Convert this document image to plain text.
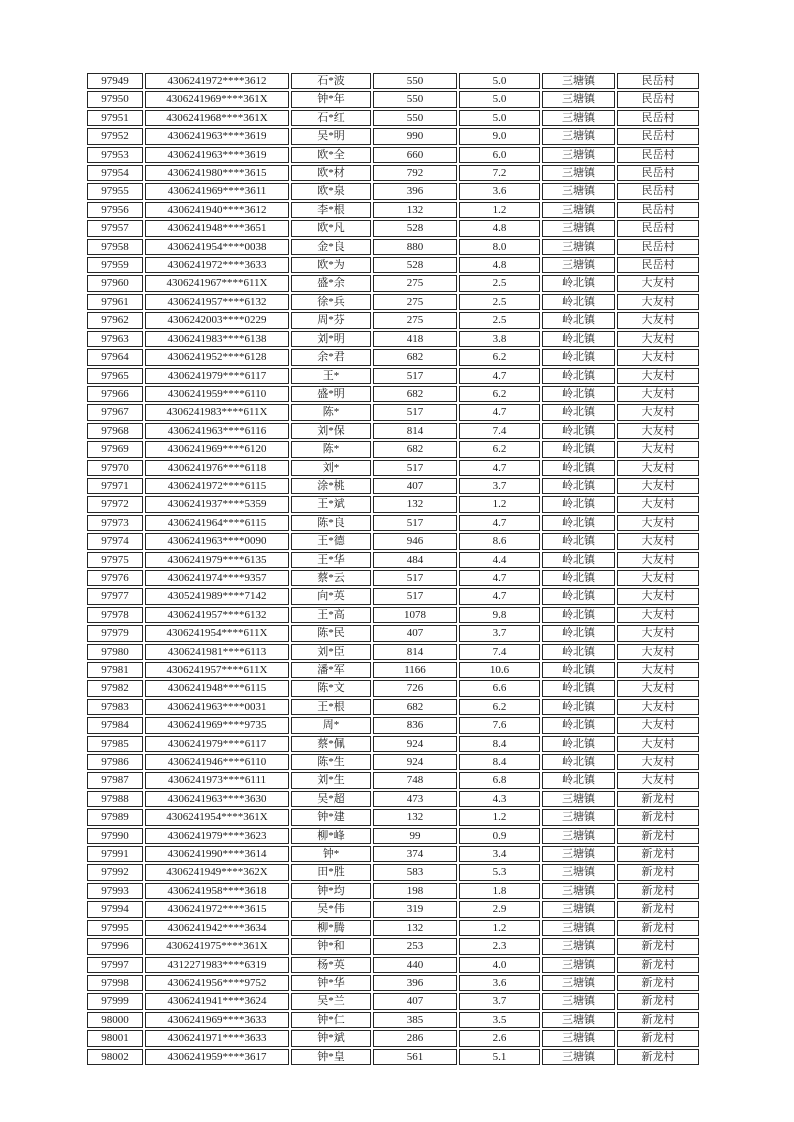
97949	4306241972****3612	石*波	550	5.0	三塘镇	民岳村
97950	4306241969****361X	钟*年	550	5.0	三塘镇	民岳村
97951	4306241968****361X	石*红	550	5.0	三塘镇	民岳村
97952	4306241963****3619	吴*明	990	9.0	三塘镇	民岳村
97953	4306241963****3619	欧*全	660	6.0	三塘镇	民岳村
97954	4306241980****3615	欧*材	792	7.2	三塘镇	民岳村
97955	4306241969****3611	欧*泉	396	3.6	三塘镇	民岳村
97956	4306241940****3612	李*根	132	1.2	三塘镇	民岳村
97957	4306241948****3651	欧*凡	528	4.8	三塘镇	民岳村
97958	4306241954****0038	金*良	880	8.0	三塘镇	民岳村
97959	4306241972****3633	欧*为	528	4.8	三塘镇	民岳村
97960	4306241967****611X	盛*余	275	2.5	岭北镇	大友村
97961	4306241957****6132	徐*兵	275	2.5	岭北镇	大友村
97962	4306242003****0229	周*芬	275	2.5	岭北镇	大友村
97963	4306241983****6138	刘*明	418	3.8	岭北镇	大友村
97964	4306241952****6128	余*君	682	6.2	岭北镇	大友村
97965	4306241979****6117	王*	517	4.7	岭北镇	大友村
97966	4306241959****6110	盛*明	682	6.2	岭北镇	大友村
97967	4306241983****611X	陈*	517	4.7	岭北镇	大友村
97968	4306241963****6116	刘*保	814	7.4	岭北镇	大友村
97969	4306241969****6120	陈*	682	6.2	岭北镇	大友村
97970	4306241976****6118	刘*	517	4.7	岭北镇	大友村
97971	4306241972****6115	涂*桃	407	3.7	岭北镇	大友村
97972	4306241937****5359	王*斌	132	1.2	岭北镇	大友村
97973	4306241964****6115	陈*良	517	4.7	岭北镇	大友村
97974	4306241963****0090	王*德	946	8.6	岭北镇	大友村
97975	4306241979****6135	王*华	484	4.4	岭北镇	大友村
97976	4306241974****9357	蔡*云	517	4.7	岭北镇	大友村
97977	4305241989****7142	向*英	517	4.7	岭北镇	大友村
97978	4306241957****6132	王*高	1078	9.8	岭北镇	大友村
97979	4306241954****611X	陈*民	407	3.7	岭北镇	大友村
97980	4306241981****6113	刘*臣	814	7.4	岭北镇	大友村
97981	4306241957****611X	潘*军	1166	10.6	岭北镇	大友村
97982	4306241948****6115	陈*文	726	6.6	岭北镇	大友村
97983	4306241963****0031	王*根	682	6.2	岭北镇	大友村
97984	4306241969****9735	周*	836	7.6	岭北镇	大友村
97985	4306241979****6117	蔡*佩	924	8.4	岭北镇	大友村
97986	4306241946****6110	陈*生	924	8.4	岭北镇	大友村
97987	4306241973****6111	刘*生	748	6.8	岭北镇	大友村
97988	4306241963****3630	吴*超	473	4.3	三塘镇	新龙村
97989	4306241954****361X	钟*建	132	1.2	三塘镇	新龙村
97990	4306241979****3623	柳*峰	99	0.9	三塘镇	新龙村
97991	4306241990****3614	钟*	374	3.4	三塘镇	新龙村
97992	4306241949****362X	田*胜	583	5.3	三塘镇	新龙村
97993	4306241958****3618	钟*均	198	1.8	三塘镇	新龙村
97994	4306241972****3615	吴*伟	319	2.9	三塘镇	新龙村
97995	4306241942****3634	柳*腾	132	1.2	三塘镇	新龙村
97996	4306241975****361X	钟*和	253	2.3	三塘镇	新龙村
97997	4312271983****6319	杨*英	440	4.0	三塘镇	新龙村
97998	4306241956****9752	钟*华	396	3.6	三塘镇	新龙村
97999	4306241941****3624	吴*兰	407	3.7	三塘镇	新龙村
98000	4306241969****3633	钟*仁	385	3.5	三塘镇	新龙村
98001	4306241971****3633	钟*斌	286	2.6	三塘镇	新龙村
98002	4306241959****3617	钟*皇	561	5.1	三塘镇	新龙村
